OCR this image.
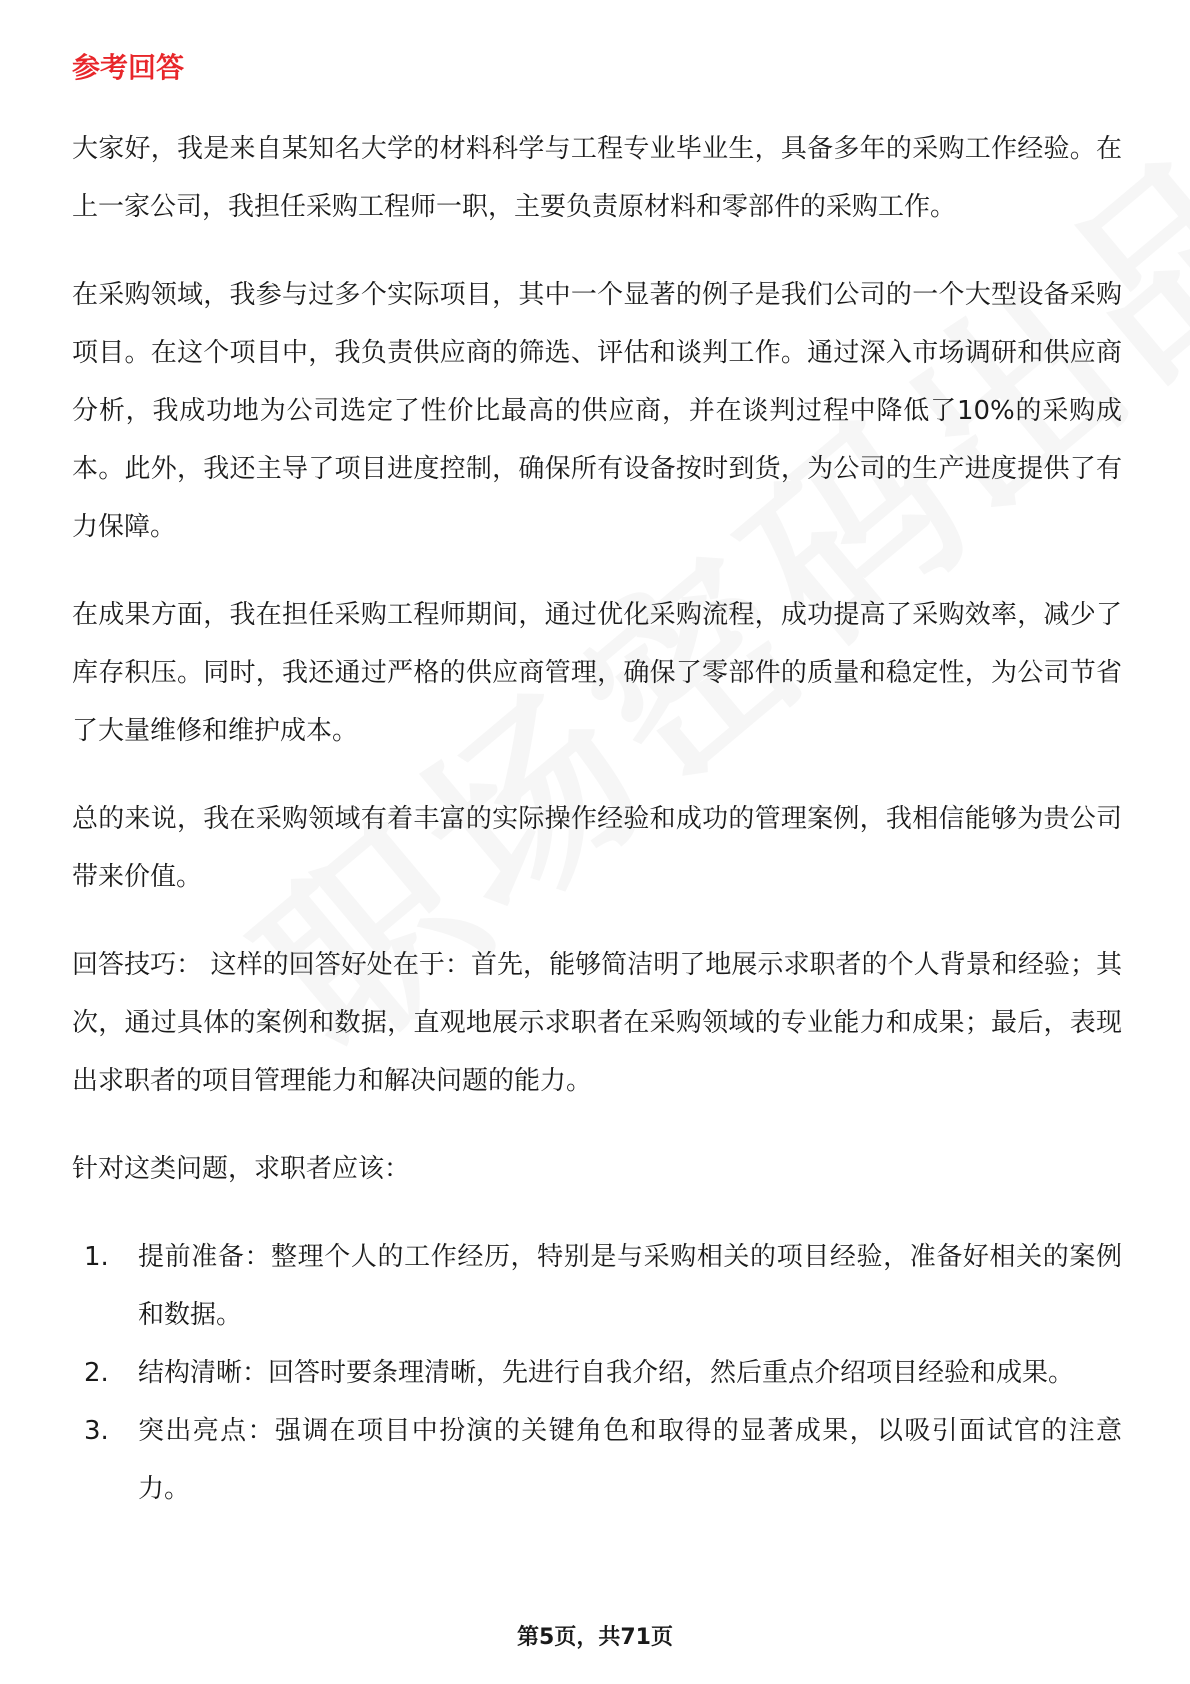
参考回答

大家好，我是来自某知名大学的材料科学与工程专业毕业生，具备多年的采购工作经验。在上一家公司，我担任采购工程师一职，主要负责原材料和零部件的采购工作。

在采购领域，我参与过多个实际项目，其中一个显著的例子是我们公司的一个大型设备采购项目。在这个项目中，我负责供应商的筛选、评估和谈判工作。通过深入市场调研和供应商分析，我成功地为公司选定了性价比最高的供应商，并在谈判过程中降低了10%的采购成本。此外，我还主导了项目进度控制，确保所有设备按时到货，为公司的生产进度提供了有力保障。

在成果方面，我在担任采购工程师期间，通过优化采购流程，成功提高了采购效率，减少了库存积压。同时，我还通过严格的供应商管理，确保了零部件的质量和稳定性，为公司节省了大量维修和维护成本。

总的来说，我在采购领域有着丰富的实际操作经验和成功的管理案例，我相信能够为贵公司带来价值。

回答技巧： 这样的回答好处在于：首先，能够简洁明了地展示求职者的个人背景和经验；其次，通过具体的案例和数据，直观地展示求职者在采购领域的专业能力和成果；最后，表现出求职者的项目管理能力和解决问题的能力。

针对这类问题，求职者应该：

1. 提前准备：整理个人的工作经历，特别是与采购相关的项目经验，准备好相关的案例和数据。
2. 结构清晰：回答时要条理清晰，先进行自我介绍，然后重点介绍项目经验和成果。
3. 突出亮点：强调在项目中扮演的关键角色和取得的显著成果，以吸引面试官的注意力。
第5页，共71页
